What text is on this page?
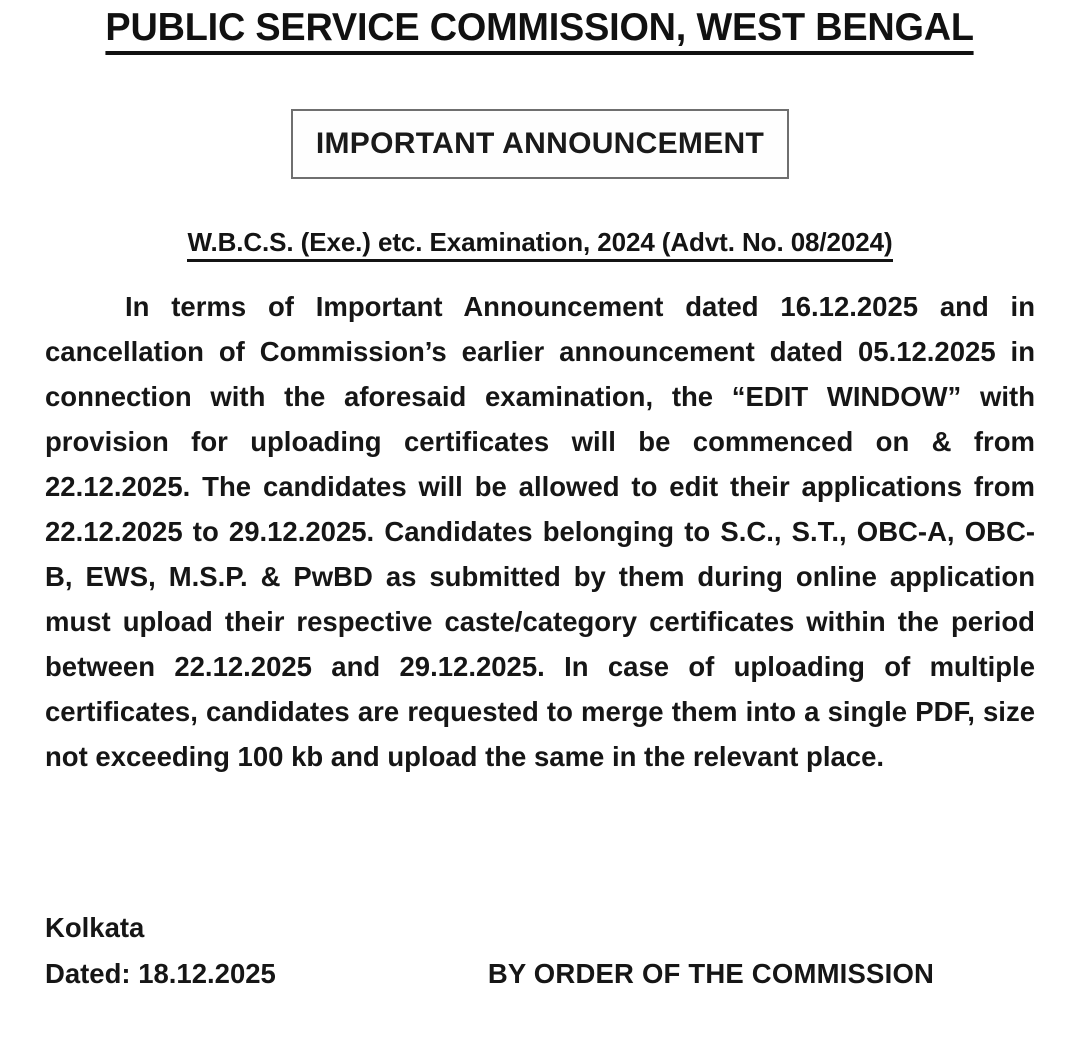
PUBLIC SERVICE COMMISSION, WEST BENGAL
IMPORTANT ANNOUNCEMENT
W.B.C.S. (Exe.) etc. Examination, 2024 (Advt. No. 08/2024)

In terms of Important Announcement dated 16.12.2025 and in cancellation of Commission’s earlier announcement dated 05.12.2025 in connection with the aforesaid examination, the “EDIT WINDOW” with provision for uploading certificates will be commenced on & from 22.12.2025. The candidates will be allowed to edit their applications from 22.12.2025 to 29.12.2025. Candidates belonging to S.C., S.T., OBC-A, OBC-B, EWS, M.S.P. & PwBD as submitted by them during online application must upload their respective caste/category certificates within the period between 22.12.2025 and 29.12.2025. In case of uploading of multiple certificates, candidates are requested to merge them into a single PDF, size not exceeding 100 kb and upload the same in the relevant place.

Kolkata
Dated: 18.12.2025	BY ORDER OF THE COMMISSION
